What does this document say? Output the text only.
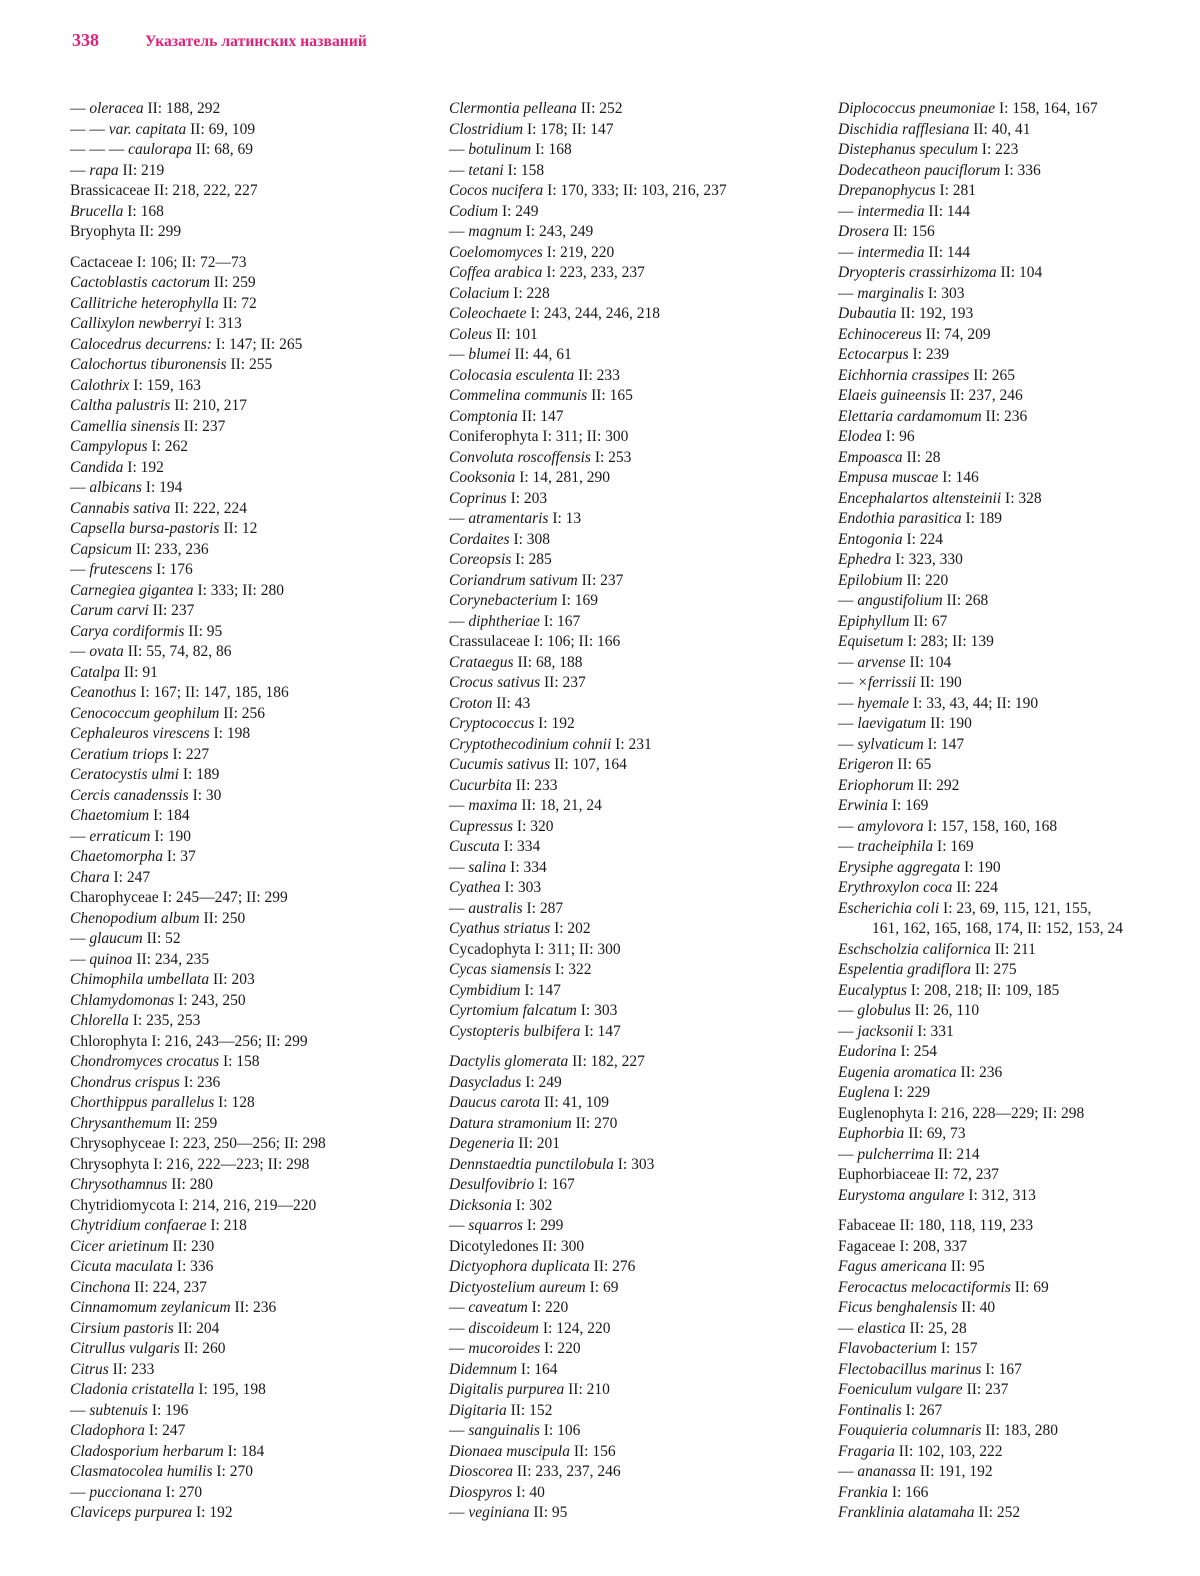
338	Указатель латинских названий
— oleracea II: 188, 292
— — var. capitata II: 69, 109
— — — caulorapa II: 68, 69
— rapa II: 219
Brassicaceae II: 218, 222, 227
Brucella I: 168
Bryophyta II: 299
Cactaceae I: 106; II: 72—73
Cactoblastis cactorum II: 259
Callitriche heterophylla II: 72
Callixylon newberryi I: 313
Calocedrus decurrens: I: 147; II: 265
Calochortus tiburonensis II: 255
Calothrix I: 159, 163
Caltha palustris II: 210, 217
Camellia sinensis II: 237
Campylopus I: 262
Candida I: 192
— albicans I: 194
Cannabis sativa II: 222, 224
Capsella bursa-pastoris II: 12
Capsicum II: 233, 236
— frutescens I: 176
Carnegiea gigantea I: 333; II: 280
Carum carvi II: 237
Carya cordiformis II: 95
— ovata II: 55, 74, 82, 86
Catalpa II: 91
Ceanothus I: 167; II: 147, 185, 186
Cenococcum geophilum II: 256
Cephaleuros virescens I: 198
Ceratium triops I: 227
Ceratocystis ulmi I: 189
Cercis canadenssis I: 30
Chaetomium I: 184
— erraticum I: 190
Chaetomorpha I: 37
Chara I: 247
Charophyceae I: 245—247; II: 299
Chenopodium album II: 250
— glaucum II: 52
— quinoa II: 234, 235
Chimophila umbellata II: 203
Chlamydomonas I: 243, 250
Chlorella I: 235, 253
Chlorophyta I: 216, 243—256; II: 299
Chondromyces crocatus I: 158
Chondrus crispus I: 236
Chorthippus parallelus I: 128
Chrysanthemum II: 259
Chrysophyceae I: 223, 250—256; II: 298
Chrysophyta I: 216, 222—223; II: 298
Chrysothamnus II: 280
Chytridiomycota I: 214, 216, 219—220
Chytridium confaerae I: 218
Cicer arietinum II: 230
Cicuta maculata I: 336
Cinchona II: 224, 237
Cinnamomum zeylanicum II: 236
Cirsium pastoris II: 204
Citrullus vulgaris II: 260
Citrus II: 233
Cladonia cristatella I: 195, 198
— subtenuis I: 196
Cladophora I: 247
Cladosporium herbarum I: 184
Clasmatocolea humilis I: 270
— puccionana I: 270
Claviceps purpurea I: 192
Clermontia pelleana II: 252
Clostridium I: 178; II: 147
— botulinum I: 168
— tetani I: 158
Cocos nucifera I: 170, 333; II: 103, 216, 237
Codium I: 249
— magnum I: 243, 249
Coelomomyces I: 219, 220
Coffea arabica I: 223, 233, 237
Colacium I: 228
Coleochaete I: 243, 244, 246, 218
Coleus II: 101
— blumei II: 44, 61
Colocasia esculenta II: 233
Commelina communis II: 165
Comptonia II: 147
Coniferophyta I: 311; II: 300
Convoluta roscoffensis I: 253
Cooksonia I: 14, 281, 290
Coprinus I: 203
— atramentaris I: 13
Cordaites I: 308
Coreopsis I: 285
Coriandrum sativum II: 237
Corynebacterium I: 169
— diphtheriae I: 167
Crassulaceae I: 106; II: 166
Crataegus II: 68, 188
Crocus sativus II: 237
Croton II: 43
Cryptococcus I: 192
Cryptothecodinium cohnii I: 231
Cucumis sativus II: 107, 164
Cucurbita II: 233
— maxima II: 18, 21, 24
Cupressus I: 320
Cuscuta I: 334
— salina I: 334
Cyathea I: 303
— australis I: 287
Cyathus striatus I: 202
Cycadophyta I: 311; II: 300
Cycas siamensis I: 322
Cymbidium I: 147
Cyrtomium falcatum I: 303
Cystopteris bulbifera I: 147
Dactylis glomerata II: 182, 227
Dasycladus I: 249
Daucus carota II: 41, 109
Datura stramonium II: 270
Degeneria II: 201
Dennstaedtia punctilobula I: 303
Desulfovibrio I: 167
Dicksonia I: 302
— squarros I: 299
Dicotyledones II: 300
Dictyophora duplicata II: 276
Dictyostelium aureum I: 69
— caveatum I: 220
— discoideum I: 124, 220
— mucoroides I: 220
Didemnum I: 164
Digitalis purpurea II: 210
Digitaria II: 152
— sanguinalis I: 106
Dionaea muscipula II: 156
Dioscorea II: 233, 237, 246
Diospyros I: 40
— veginiana II: 95
Diplococcus pneumoniae I: 158, 164, 167
Dischidia rafflesiana II: 40, 41
Distephanus speculum I: 223
Dodecatheon pauciflorum I: 336
Drepanophycus I: 281
— intermedia II: 144
Drosera II: 156
— intermedia II: 144
Dryopteris crassirhizoma II: 104
— marginalis I: 303
Dubautia II: 192, 193
Echinocereus II: 74, 209
Ectocarpus I: 239
Eichhornia crassipes II: 265
Elaeis guineensis II: 237, 246
Elettaria cardamomum II: 236
Elodea I: 96
Empoasca II: 28
Empusa muscae I: 146
Encephalartos altensteinii I: 328
Endothia parasitica I: 189
Entogonia I: 224
Ephedra I: 323, 330
Epilobium II: 220
— angustifolium II: 268
Epiphyllum II: 67
Equisetum I: 283; II: 139
— arvense II: 104
— ×ferrissii II: 190
— hyemale I: 33, 43, 44; II: 190
— laevigatum II: 190
— sylvaticum I: 147
Erigeron II: 65
Eriophorum II: 292
Erwinia I: 169
— amylovora I: 157, 158, 160, 168
— tracheiphila I: 169
Erysiphe aggregata I: 190
Erythroxylon coca II: 224
Escherichia coli I: 23, 69, 115, 121, 155,
161, 162, 165, 168, 174, II: 152, 153, 24
Eschscholzia californica II: 211
Espelentia gradiflora II: 275
Eucalyptus I: 208, 218; II: 109, 185
— globulus II: 26, 110
— jacksonii I: 331
Eudorina I: 254
Eugenia aromatica II: 236
Euglena I: 229
Euglenophyta I: 216, 228—229; II: 298
Euphorbia II: 69, 73
— pulcherrima II: 214
Euphorbiaceae II: 72, 237
Eurystoma angulare I: 312, 313
Fabaceae II: 180, 118, 119, 233
Fagaceae I: 208, 337
Fagus americana II: 95
Ferocactus melocactiformis II: 69
Ficus benghalensis II: 40
— elastica II: 25, 28
Flavobacterium I: 157
Flectobacillus marinus I: 167
Foeniculum vulgare II: 237
Fontinalis I: 267
Fouquieria columnaris II: 183, 280
Fragaria II: 102, 103, 222
— ananassa II: 191, 192
Frankia I: 166
Franklinia alatamaha II: 252
